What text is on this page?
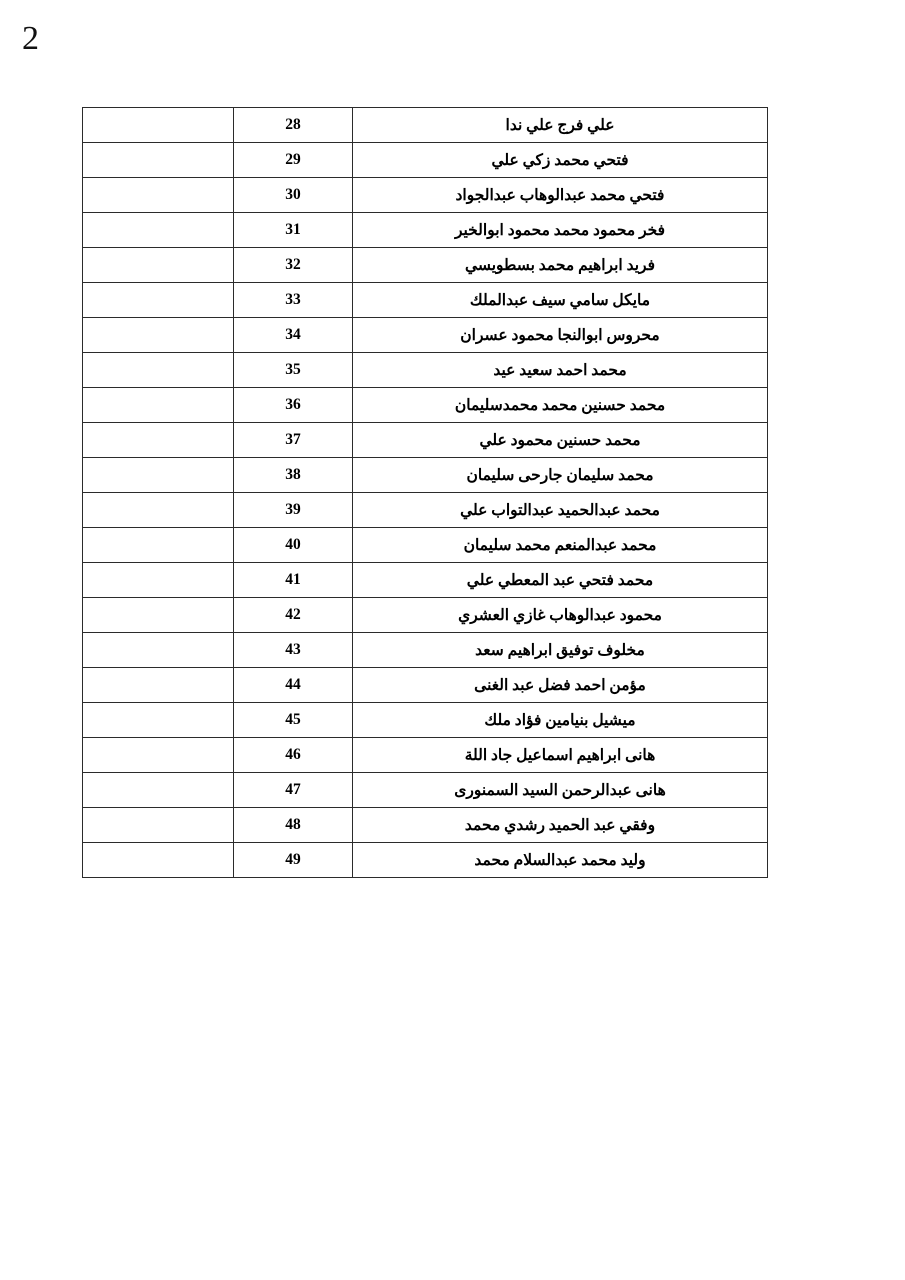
2
علي فرج علي ندا	28	
فتحي محمد زكي علي	29	
فتحي محمد عبدالوهاب عبدالجواد	30	
فخر محمود محمد محمود ابوالخير	31	
فريد ابراهيم محمد بسطويسي	32	
مايكل سامي سيف عبدالملك	33	
محروس ابوالنجا محمود عسران	34	
محمد احمد سعيد عيد	35	
محمد حسنين محمد محمدسليمان	36	
محمد حسنين محمود علي	37	
محمد سليمان جارحى سليمان	38	
محمد عبدالحميد عبدالتواب علي	39	
محمد عبدالمنعم محمد سليمان	40	
محمد فتحي عبد المعطي علي	41	
محمود عبدالوهاب غازي العشري	42	
مخلوف توفيق ابراهيم سعد	43	
مؤمن احمد فضل عبد الغنى	44	
ميشيل بنيامين فؤاد ملك	45	
هانى ابراهيم اسماعيل جاد اللة	46	
هانى عبدالرحمن السيد السمنورى	47	
وفقي عبد الحميد رشدي محمد	48	
وليد محمد عبدالسلام محمد	49	
